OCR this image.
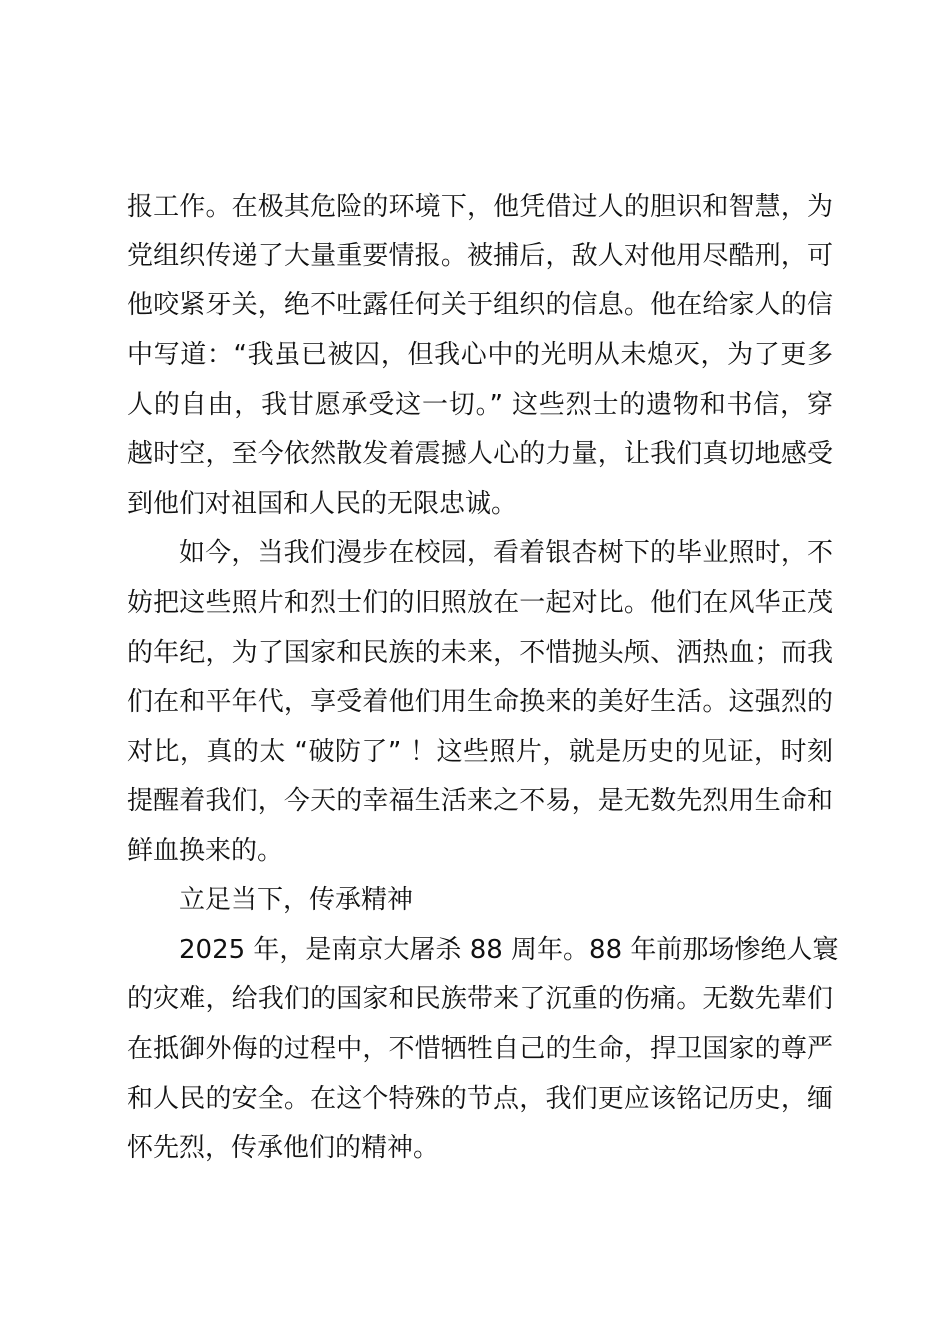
报工作。在极其危险的环境下，他凭借过人的胆识和智慧，为
党组织传递了大量重要情报。被捕后，敌人对他用尽酷刑，可
他咬紧牙关，绝不吐露任何关于组织的信息。他在给家人的信
中写道：“我虽已被囚，但我心中的光明从未熄灭，为了更多
人的自由，我甘愿承受这一切。” 这些烈士的遗物和书信，穿
越时空，至今依然散发着震撼人心的力量，让我们真切地感受
到他们对祖国和人民的无限忠诚。
如今，当我们漫步在校园，看着银杏树下的毕业照时，不
妨把这些照片和烈士们的旧照放在一起对比。他们在风华正茂
的年纪，为了国家和民族的未来，不惜抛头颅、洒热血；而我
们在和平年代，享受着他们用生命换来的美好生活。这强烈的
对比，真的太 “破防了” ！这些照片，就是历史的见证，时刻
提醒着我们，今天的幸福生活来之不易，是无数先烈用生命和
鲜血换来的。
立足当下，传承精神
2025 年，是南京大屠杀 88 周年。88 年前那场惨绝人寰
的灾难，给我们的国家和民族带来了沉重的伤痛。无数先辈们
在抵御外侮的过程中，不惜牺牲自己的生命，捍卫国家的尊严
和人民的安全。在这个特殊的节点，我们更应该铭记历史，缅
怀先烈，传承他们的精神。
